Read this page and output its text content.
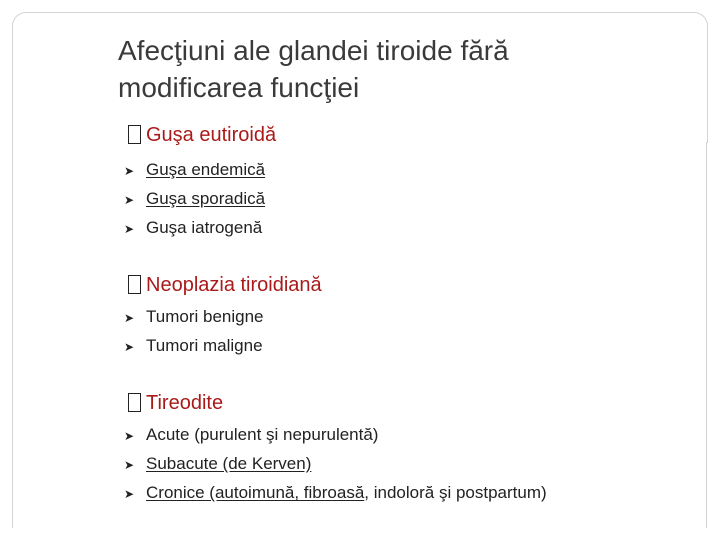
Afecţiuni ale glandei tiroide fără
modificarea funcţiei
Guşa eutiroidă
➤ Guşa endemică
➤ Guşa sporadică
➤ Guşa iatrogenă
Neoplazia tiroidiană
➤ Tumori benigne
➤ Tumori maligne
Tireodite
➤ Acute (purulent şi nepurulentă)
➤ Subacute (de Kerven)
➤ Cronice (autoimună, fibroasă, indoloră şi postpartum)
